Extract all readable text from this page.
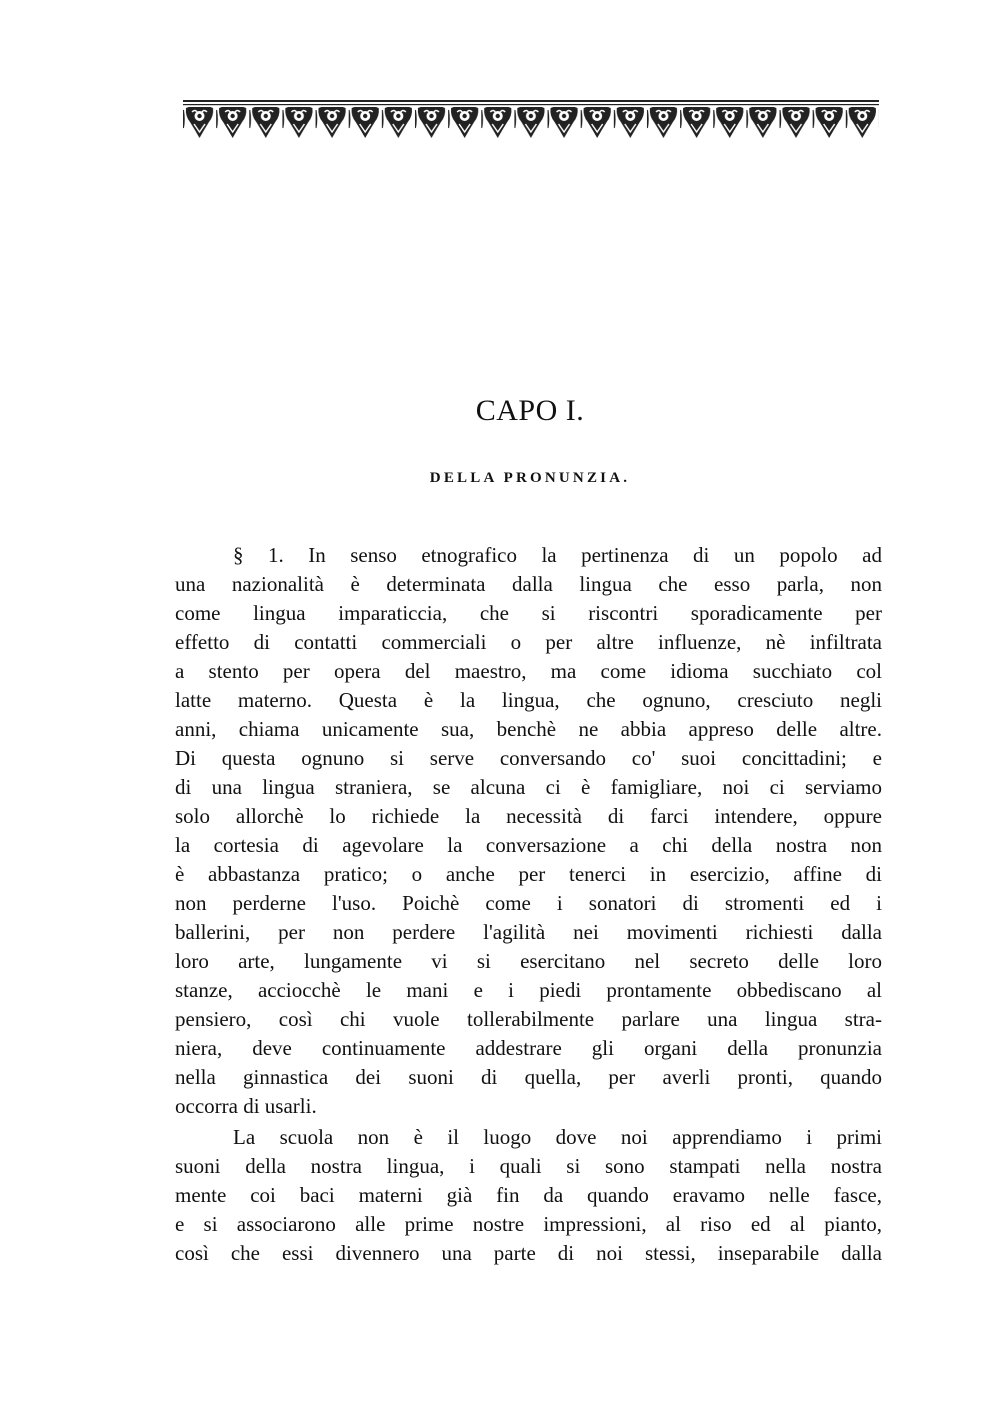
CAPO I.
DELLA PRONUNZIA.
§ 1. In senso etnografico la pertinenza di un popolo ad
una nazionalità è determinata dalla lingua che esso parla, non
come lingua imparaticcia, che si riscontri sporadicamente per
effetto di contatti commerciali o per altre influenze, nè infiltrata
a stento per opera del maestro, ma come idioma succhiato col
latte materno. Questa è la lingua, che ognuno, cresciuto negli
anni, chiama unicamente sua, benchè ne abbia appreso delle altre.
Di questa ognuno si serve conversando co' suoi concittadini; e
di una lingua straniera, se alcuna ci è famigliare, noi ci serviamo
solo allorchè lo richiede la necessità di farci intendere, oppure
la cortesia di agevolare la conversazione a chi della nostra non
è abbastanza pratico; o anche per tenerci in esercizio, affine di
non perderne l'uso. Poichè come i sonatori di stromenti ed i
ballerini, per non perdere l'agilità nei movimenti richiesti dalla
loro arte, lungamente vi si esercitano nel secreto delle loro
stanze, acciocchè le mani e i piedi prontamente obbediscano al
pensiero, così chi vuole tollerabilmente parlare una lingua stra-
niera, deve continuamente addestrare gli organi della pronunzia
nella ginnastica dei suoni di quella, per averli pronti, quando
occorra di usarli.
La scuola non è il luogo dove noi apprendiamo i primi
suoni della nostra lingua, i quali si sono stampati nella nostra
mente coi baci materni già fin da quando eravamo nelle fasce,
e si associarono alle prime nostre impressioni, al riso ed al pianto,
così che essi divennero una parte di noi stessi, inseparabile dalla
